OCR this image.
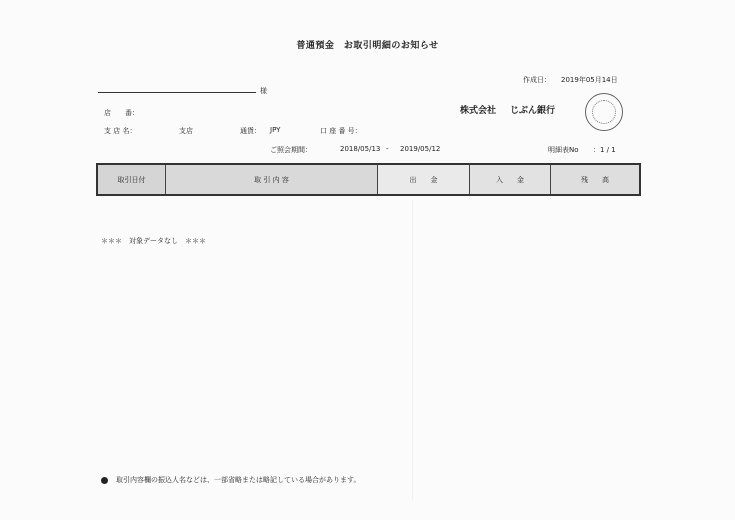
普通預金　お取引明細のお知らせ
作成日： 2019年05月14日
様
株式会社 じぶん銀行
店　　番：
支 店 名：	支店	通貨： JPY	口 座 番 号：
ご照会期間：	2018/05/13 - 2019/05/12	明細表No ：1 / 1
取引日付	取 引 内 容	出　　金	入　　金	残　　高
＊＊＊　対象データなし　＊＊＊
取引内容欄の振込人名などは、一部省略または略記している場合があります。
